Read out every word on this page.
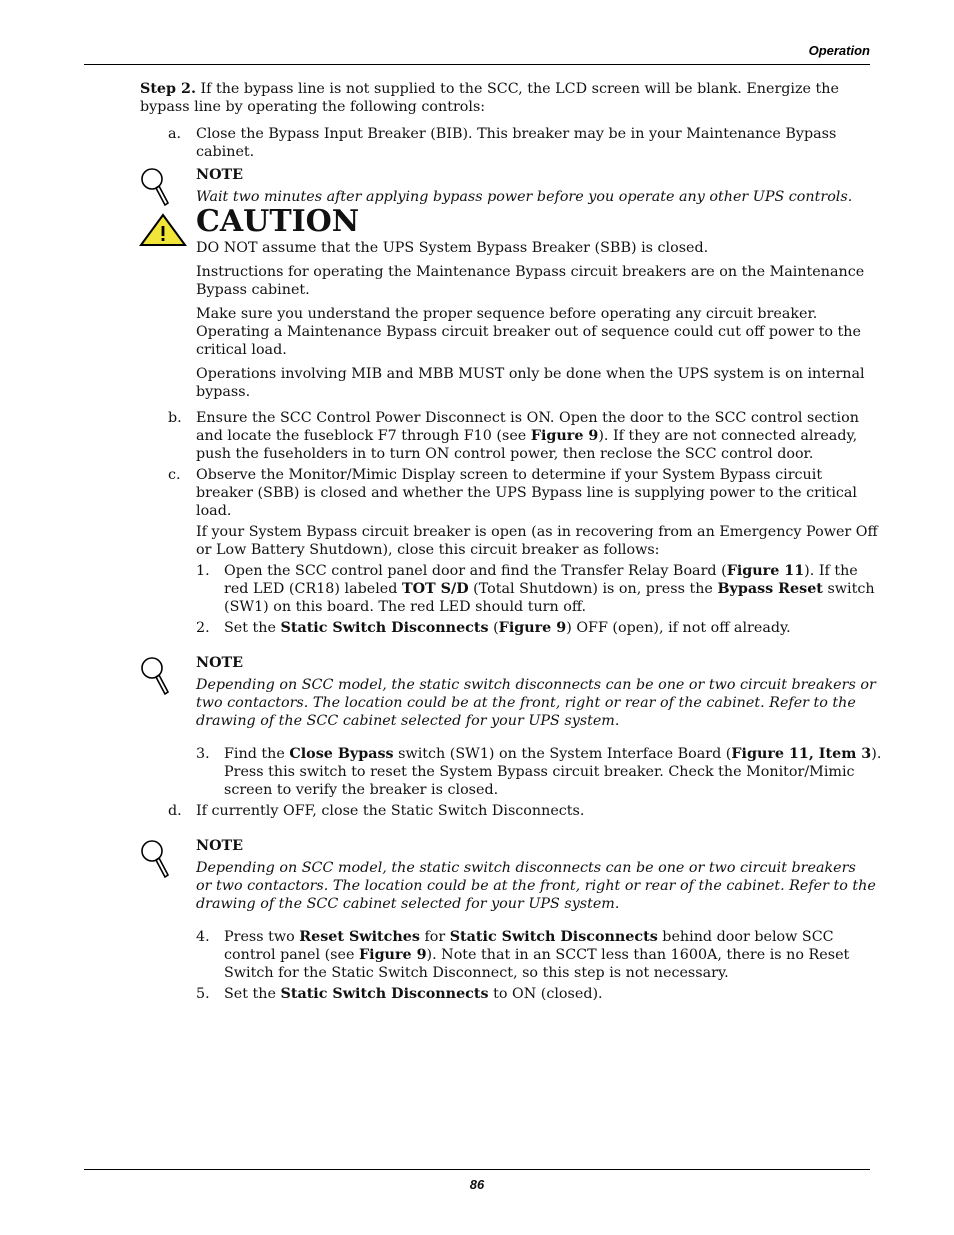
Operation

Step 2. If the bypass line is not supplied to the SCC, the LCD screen will be blank. Energize the

bypass line by operating the following controls:

a. Close the Bypass Input Breaker (BIB). This breaker may be in your Maintenance Bypass

cabinet.

NOTE

Wait two minutes after applying bypass power before you operate any other UPS controls.

CAUTION

DO NOT assume that the UPS System Bypass Breaker (SBB) is closed.

Instructions for operating the Maintenance Bypass circuit breakers are on the Maintenance

Bypass cabinet.

Make sure you understand the proper sequence before operating any circuit breaker.

Operating a Maintenance Bypass circuit breaker out of sequence could cut off power to the

critical load.

Operations involving MIB and MBB MUST only be done when the UPS system is on internal

bypass.

b. Ensure the SCC Control Power Disconnect is ON. Open the door to the SCC control section

and locate the fuseblock F7 through F10 (see Figure 9). If they are not connected already,

push the fuseholders in to turn ON control power, then reclose the SCC control door.

c. Observe the Monitor/Mimic Display screen to determine if your System Bypass circuit

breaker (SBB) is closed and whether the UPS Bypass line is supplying power to the critical

load.

If your System Bypass circuit breaker is open (as in recovering from an Emergency Power Off

or Low Battery Shutdown), close this circuit breaker as follows:

1. Open the SCC control panel door and find the Transfer Relay Board (Figure 11). If the

red LED (CR18) labeled TOT S/D (Total Shutdown) is on, press the Bypass Reset switch

(SW1) on this board. The red LED should turn off.

2. Set the Static Switch Disconnects (Figure 9) OFF (open), if not off already.

NOTE

Depending on SCC model, the static switch disconnects can be one or two circuit breakers or

two contactors. The location could be at the front, right or rear of the cabinet. Refer to the

drawing of the SCC cabinet selected for your UPS system.

3. Find the Close Bypass switch (SW1) on the System Interface Board (Figure 11, Item 3).

Press this switch to reset the System Bypass circuit breaker. Check the Monitor/Mimic

screen to verify the breaker is closed.

d. If currently OFF, close the Static Switch Disconnects.

NOTE

Depending on SCC model, the static switch disconnects can be one or two circuit breakers

or two contactors. The location could be at the front, right or rear of the cabinet. Refer to the

drawing of the SCC cabinet selected for your UPS system.

4. Press two Reset Switches for Static Switch Disconnects behind door below SCC

control panel (see Figure 9). Note that in an SCCT less than 1600A, there is no Reset

Switch for the Static Switch Disconnect, so this step is not necessary.

5. Set the Static Switch Disconnects to ON (closed).

86
